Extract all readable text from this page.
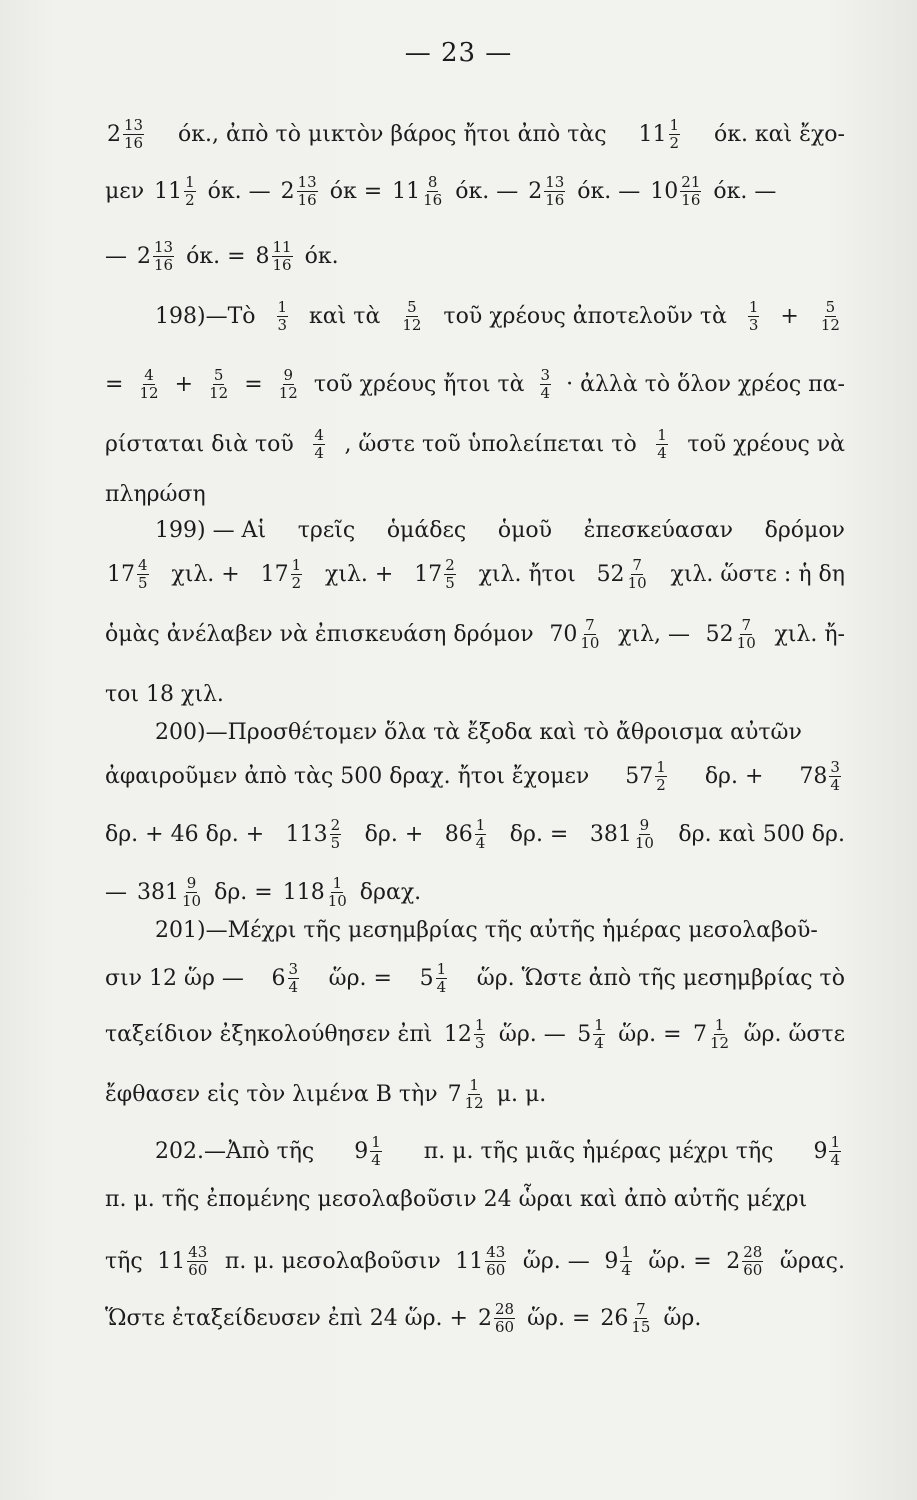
— 23 —
$2 \frac{13}{16} ό\kappa$., ἀπὸ τὸ μικτὸν βάρος ἤτοι ἀπὸ τὰς $11 \frac{1}{2} ό\kappa$. καὶ ἔχο-
μεν $11 \frac{1}{2} ό\kappa$. — $2 \frac{13}{16}$ $ό\kappa = 11 \frac{8}{16} ό\kappa$. — $2 \frac{13}{16} ό\kappa$. — $10 \frac{21}{16} ό\kappa$. —
— $2 \frac{13}{16} ό\kappa$. = $8 \frac{11}{16} ό\kappa$.
198)—Τὸ $\frac{1}{3}$ καὶ τὰ $\frac{5}{12}$ τοῦ χρέους ἀποτελοῦν τὰ $\frac{1}{3} + \frac{5}{12}$
= $\frac{4}{12} + \frac{5}{12} = \frac{9}{12}$ τοῦ χρέους ἤτοι τὰ $\frac{3}{4}$ · ἀλλὰ τὸ ὅλον χρέος πα-
ρίσταται διὰ τοῦ $\frac{4}{4}$ , ὥστε τοῦ ὑπολείπεται τὸ $\frac{1}{4}$ τοῦ χρέους νὰ
πληρώση
199) — Αἱ τρεῖς ὁμάδες ὁμοῦ ἐπεσκεύασαν δρόμον
$17 \frac{4}{5} \chi\iota\lambda$. + $17 \frac{1}{2} \chi\iota\lambda$. + $17 \frac{2}{5} \chi\iota\lambda$. ἤτοι $52 \frac{7}{10} \chi\iota\lambda$. ὥστε : ἡ δη
ὁμὰς ἀνέλαβεν νὰ ἐπισκευάση δρόμον $70 \frac{7}{10} \chi\iota\lambda$, — $52 \frac{7}{10} \chi\iota\lambda$. ἤ-
τοι 18 χιλ.
200)—Προσθέτομεν ὅλα τὰ ἔξοδα καὶ τὸ ἄθροισμα αὐτῶν
ἀφαιροῦμεν ἀπὸ τὰς 500 δραχ. ἤτοι ἔχομεν $57 \frac{1}{2} \delta\rho$. + $78 \frac{3}{4}$
δρ. + 46 δρ. + $113 \frac{2}{5} \delta\rho$. + $86 \frac{1}{4} \delta\rho$. = $381 \frac{9}{10} \delta\rho$. καὶ 500 δρ.
— $381 \frac{9}{10} \delta\rho$. = $118 \frac{1}{10} \delta\rho\alpha\chi$.
201)—Μέχρι τῆς μεσημβρίας τῆς αὐτῆς ἡμέρας μεσολαβοῦ-
σιν 12 ὥρ — $6 \frac{3}{4}$ ὥρ. = $5 \frac{1}{4}$ ὥρ. Ὥστε ἀπὸ τῆς μεσημβρίας τὸ
ταξείδιον ἐξηκολούθησεν ἐπὶ $12 \frac{1}{3}$ ὥρ. — $5 \frac{1}{4}$ ὥρ. = $7 \frac{1}{12}$ ὥρ. ὥστε
ἔφθασεν εἰς τὸν λιμένα Β τὴν $7 \frac{1}{12} \mu$. μ.
202.—Ἀπὸ τῆς $9 \frac{1}{4} \pi$. μ. τῆς μιᾶς ἡμέρας μέχρι τῆς $9 \frac{1}{4}$
π. μ. τῆς ἐπομένης μεσολαβοῦσιν 24 ὧραι καὶ ἀπὸ αὐτῆς μέχρι
τῆς $11 \frac{43}{60} \pi$. μ. μεσολαβοῦσιν $11 \frac{43}{60}$ ὥρ. — $9 \frac{1}{4}$ ὥρ. = $2 \frac{28}{60}$ ὥρας.
Ὥστε ἐταξείδευσεν ἐπὶ 24 ὥρ. + $2 \frac{28}{60}$ ὥρ. = $26 \frac{7}{15}$ ὥρ.
